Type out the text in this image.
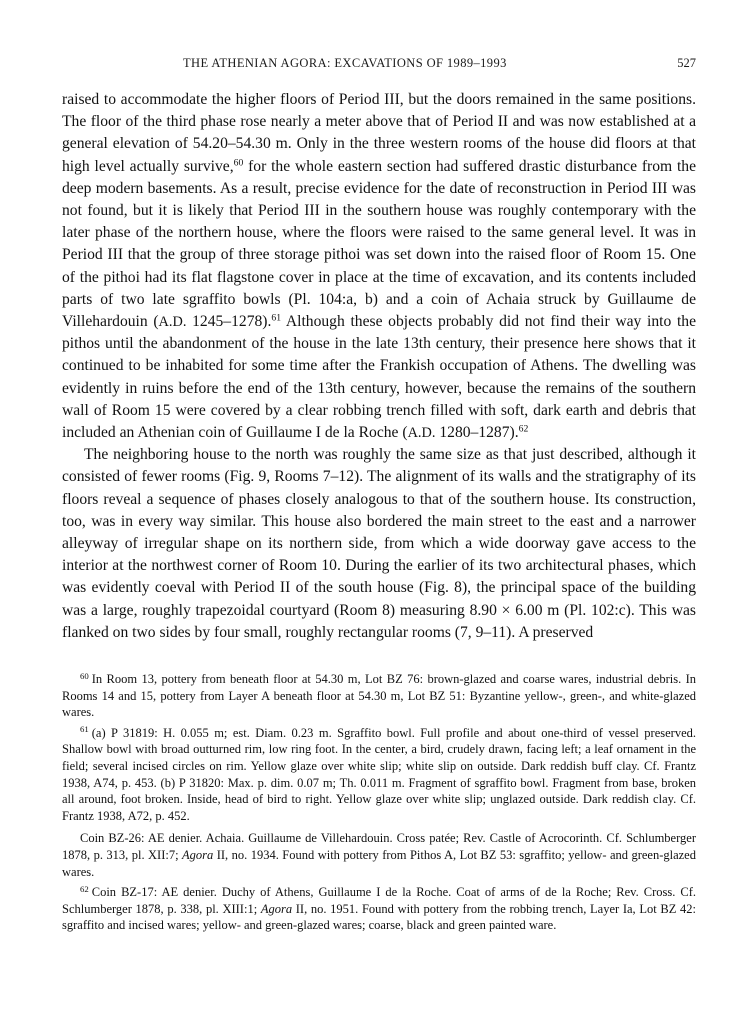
THE ATHENIAN AGORA: EXCAVATIONS OF 1989–1993	527

raised to accommodate the higher floors of Period III, but the doors remained in the same positions. The floor of the third phase rose nearly a meter above that of Period II and was now established at a general elevation of 54.20–54.30 m. Only in the three western rooms of the house did floors at that high level actually survive,$^{60}$ for the whole eastern section had suffered drastic disturbance from the deep modern basements. As a result, precise evidence for the date of reconstruction in Period III was not found, but it is likely that Period III in the southern house was roughly contemporary with the later phase of the northern house, where the floors were raised to the same general level. It was in Period III that the group of three storage pithoi was set down into the raised floor of Room 15. One of the pithoi had its flat flagstone cover in place at the time of excavation, and its contents included parts of two late sgraffito bowls (Pl. 104:a, b) and a coin of Achaia struck by Guillaume de Villehardouin (A.D. 1245–1278).$^{61}$ Although these objects probably did not find their way into the pithos until the abandonment of the house in the late 13th century, their presence here shows that it continued to be inhabited for some time after the Frankish occupation of Athens. The dwelling was evidently in ruins before the end of the 13th century, however, because the remains of the southern wall of Room 15 were covered by a clear robbing trench filled with soft, dark earth and debris that included an Athenian coin of Guillaume I de la Roche (A.D. 1280–1287).$^{62}$

The neighboring house to the north was roughly the same size as that just described, although it consisted of fewer rooms (Fig. 9, Rooms 7–12). The alignment of its walls and the stratigraphy of its floors reveal a sequence of phases closely analogous to that of the southern house. Its construction, too, was in every way similar. This house also bordered the main street to the east and a narrower alleyway of irregular shape on its northern side, from which a wide doorway gave access to the interior at the northwest corner of Room 10. During the earlier of its two architectural phases, which was evidently coeval with Period II of the south house (Fig. 8), the principal space of the building was a large, roughly trapezoidal courtyard (Room 8) measuring 8.90 × 6.00 m (Pl. 102:c). This was flanked on two sides by four small, roughly rectangular rooms (7, 9–11). A preserved

$^{60}$ In Room 13, pottery from beneath floor at 54.30 m, Lot BZ 76: brown-glazed and coarse wares, industrial debris. In Rooms 14 and 15, pottery from Layer A beneath floor at 54.30 m, Lot BZ 51: Byzantine yellow-, green-, and white-glazed wares.

$^{61}$ (a) P 31819: H. 0.055 m; est. Diam. 0.23 m. Sgraffito bowl. Full profile and about one-third of vessel preserved. Shallow bowl with broad outturned rim, low ring foot. In the center, a bird, crudely drawn, facing left; a leaf ornament in the field; several incised circles on rim. Yellow glaze over white slip; white slip on outside. Dark reddish buff clay. Cf. Frantz 1938, A74, p. 453. (b) P 31820: Max. p. dim. 0.07 m; Th. 0.011 m. Fragment of sgraffito bowl. Fragment from base, broken all around, foot broken. Inside, head of bird to right. Yellow glaze over white slip; unglazed outside. Dark reddish clay. Cf. Frantz 1938, A72, p. 452.

Coin BZ-26: AE denier. Achaia. Guillaume de Villehardouin. Cross patée; Rev. Castle of Acrocorinth. Cf. Schlumberger 1878, p. 313, pl. XII:7; Agora II, no. 1934. Found with pottery from Pithos A, Lot BZ 53: sgraffito; yellow- and green-glazed wares.

$^{62}$ Coin BZ-17: AE denier. Duchy of Athens, Guillaume I de la Roche. Coat of arms of de la Roche; Rev. Cross. Cf. Schlumberger 1878, p. 338, pl. XIII:1; Agora II, no. 1951. Found with pottery from the robbing trench, Layer Ia, Lot BZ 42: sgraffito and incised wares; yellow- and green-glazed wares; coarse, black and green painted ware.
